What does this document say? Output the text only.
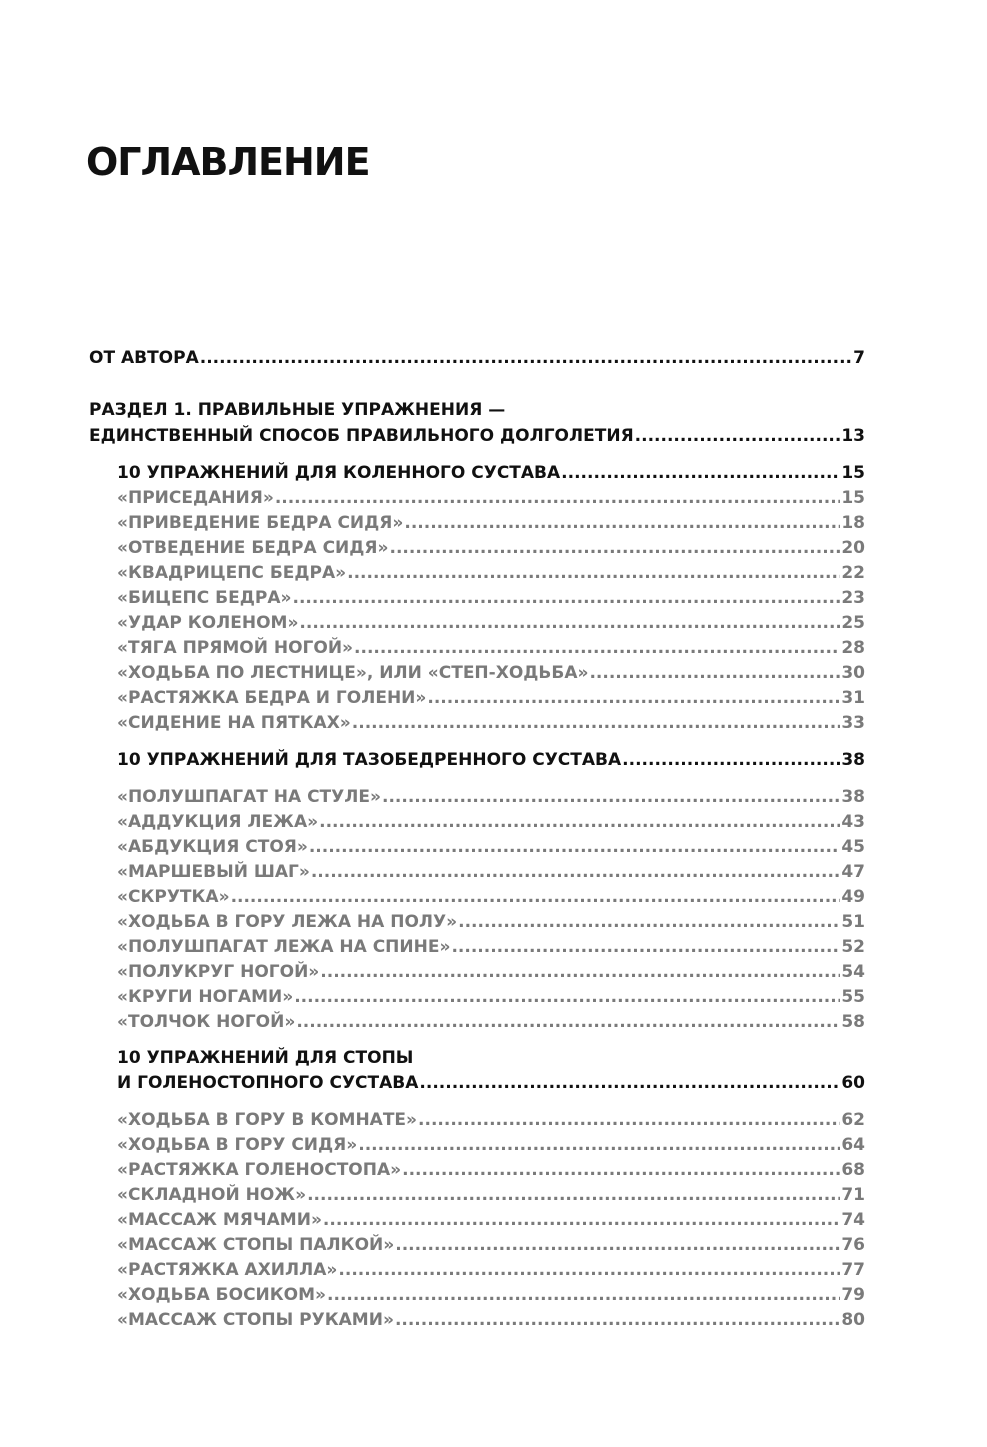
ОГЛАВЛЕНИЕ
ОТ АВТОРА .....	7
РАЗДЕЛ 1. ПРАВИЛЬНЫЕ УПРАЖНЕНИЯ —
ЕДИНСТВЕННЫЙ СПОСОБ ПРАВИЛЬНОГО ДОЛГОЛЕТИЯ .....	13
10 УПРАЖНЕНИЙ ДЛЯ КОЛЕННОГО СУСТАВА .....	15
«ПРИСЕДАНИЯ» .....	15
«ПРИВЕДЕНИЕ БЕДРА СИДЯ» .....	18
«ОТВЕДЕНИЕ БЕДРА СИДЯ» .....	20
«КВАДРИЦЕПС БЕДРА» .....	22
«БИЦЕПС БЕДРА» .....	23
«УДАР КОЛЕНОМ» .....	25
«ТЯГА ПРЯМОЙ НОГОЙ» .....	28
«ХОДЬБА ПО ЛЕСТНИЦЕ», ИЛИ «СТЕП-ХОДЬБА» .....	30
«РАСТЯЖКА БЕДРА И ГОЛЕНИ» .....	31
«СИДЕНИЕ НА ПЯТКАХ» .....	33
10 УПРАЖНЕНИЙ ДЛЯ ТАЗОБЕДРЕННОГО СУСТАВА .....	38
«ПОЛУШПАГАТ НА СТУЛЕ» .....	38
«АДДУКЦИЯ ЛЕЖА» .....	43
«АБДУКЦИЯ СТОЯ» .....	45
«МАРШЕВЫЙ ШАГ» .....	47
«СКРУТКА» .....	49
«ХОДЬБА В ГОРУ ЛЕЖА НА ПОЛУ» .....	51
«ПОЛУШПАГАТ ЛЕЖА НА СПИНЕ» .....	52
«ПОЛУКРУГ НОГОЙ» .....	54
«КРУГИ НОГАМИ» .....	55
«ТОЛЧОК НОГОЙ» .....	58
10 УПРАЖНЕНИЙ ДЛЯ СТОПЫ
И ГОЛЕНОСТОПНОГО СУСТАВА .....	60
«ХОДЬБА В ГОРУ В КОМНАТЕ» .....	62
«ХОДЬБА В ГОРУ СИДЯ» .....	64
«РАСТЯЖКА ГОЛЕНОСТОПА» .....	68
«СКЛАДНОЙ НОЖ» .....	71
«МАССАЖ МЯЧАМИ» .....	74
«МАССАЖ СТОПЫ ПАЛКОЙ» .....	76
«РАСТЯЖКА АХИЛЛА» .....	77
«ХОДЬБА БОСИКОМ» .....	79
«МАССАЖ СТОПЫ РУКАМИ» .....	80
